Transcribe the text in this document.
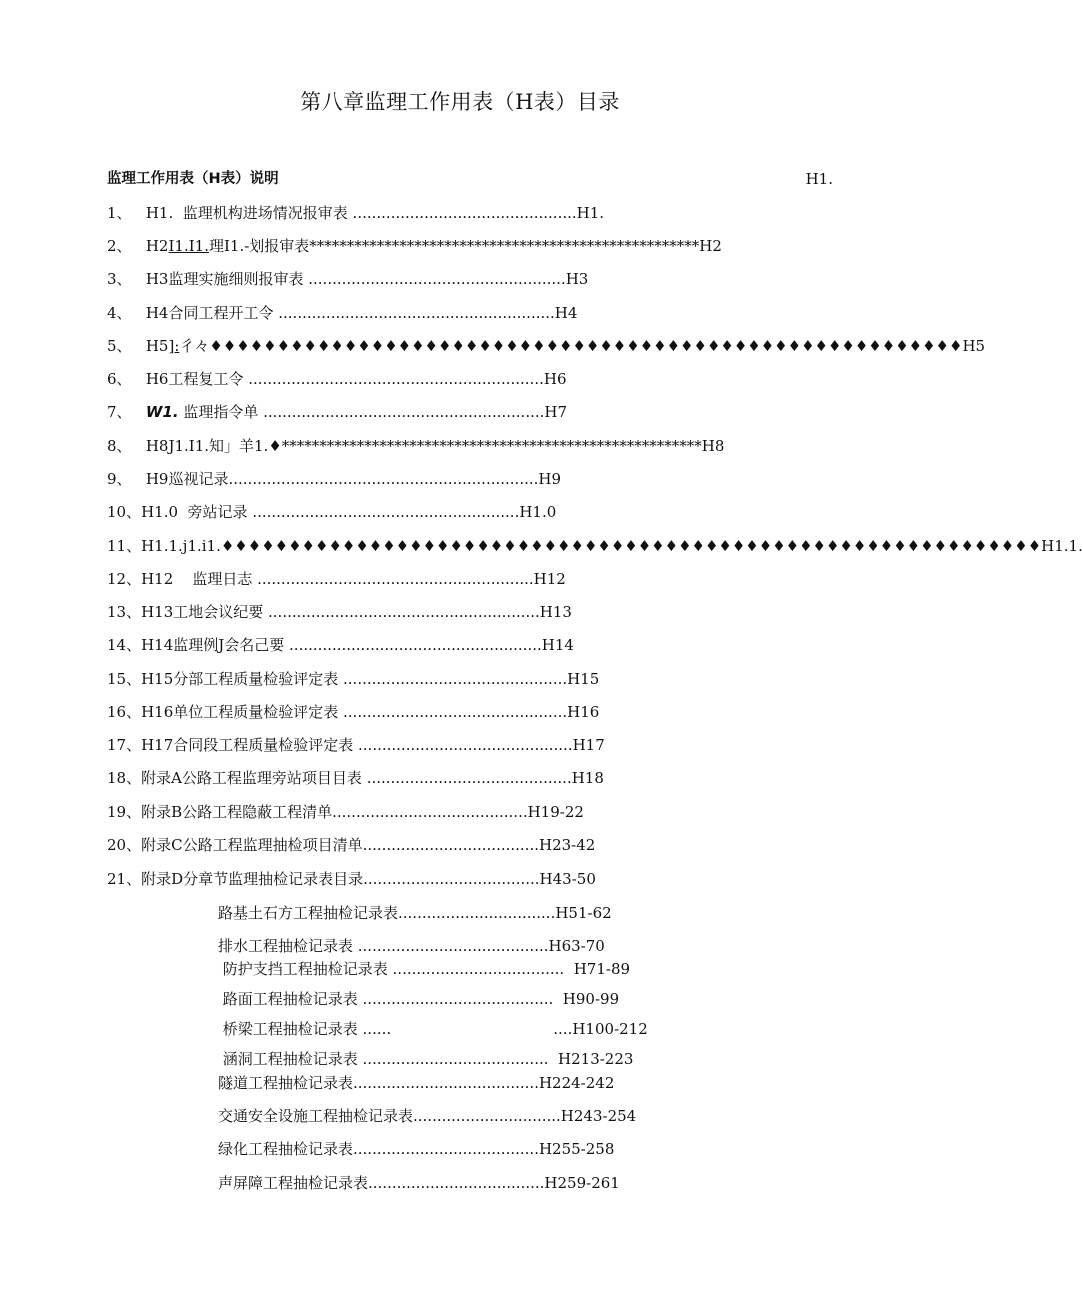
第八章监理工作用表（H表）目录
监理工作用表（H表）说明	H1.
1、   H1.  监理机构进场情况报审表 ...............................................H1.
2、   H2I1.I1.理I1.-划报审表****************************************************H2
3、   H3监理实施细则报审表 ......................................................H3
4、   H4合同工程开工令 ..........................................................H4
5、   H5]:彳々♦♦♦♦♦♦♦♦♦♦♦♦♦♦♦♦♦♦♦♦♦♦♦♦♦♦♦♦♦♦♦♦♦♦♦♦♦♦♦♦♦♦♦♦♦♦♦♦♦♦♦♦♦♦♦♦H5
6、   H6工程复工令 ..............................................................H6
7、   W1. 监理指令单 ...........................................................H7
8、   H8J1.I1.知」羊1.♦********************************************************H8
9、   H9巡视记录.................................................................H9
10、H1.0  旁站记录 ........................................................H1.0
11、H1.1.j1.i1.♦♦♦♦♦♦♦♦♦♦♦♦♦♦♦♦♦♦♦♦♦♦♦♦♦♦♦♦♦♦♦♦♦♦♦♦♦♦♦♦♦♦♦♦♦♦♦♦♦♦♦♦♦♦♦♦♦♦♦♦♦H1.1.
12、H12    监理日志 ..........................................................H12
13、H13工地会议纪要 .........................................................H13
14、H14监理例J会名己要 .....................................................H14
15、H15分部工程质量检验评定表 ...............................................H15
16、H16单位工程质量检验评定表 ...............................................H16
17、H17合同段工程质量检验评定表 .............................................H17
18、附录A公路工程监理旁站项目目表 ...........................................H18
19、附录B公路工程隐蔽工程清单.........................................H19-22
20、附录C公路工程监理抽检项目清单.....................................H23-42
21、附录D分章节监理抽检记录表目录.....................................H43-50
路基土石方工程抽检记录表.................................H51-62
排水工程抽检记录表 ........................................H63-70
防护支挡工程抽检记录表 ....................................  H71-89
路面工程抽检记录表 ........................................  H90-99
桥梁工程抽检记录表 ......                                  ....H100-212
涵洞工程抽检记录表 .......................................  H213-223
隧道工程抽检记录表.......................................H224-242
交通安全设施工程抽检记录表...............................H243-254
绿化工程抽检记录表.......................................H255-258
声屏障工程抽检记录表.....................................H259-261
